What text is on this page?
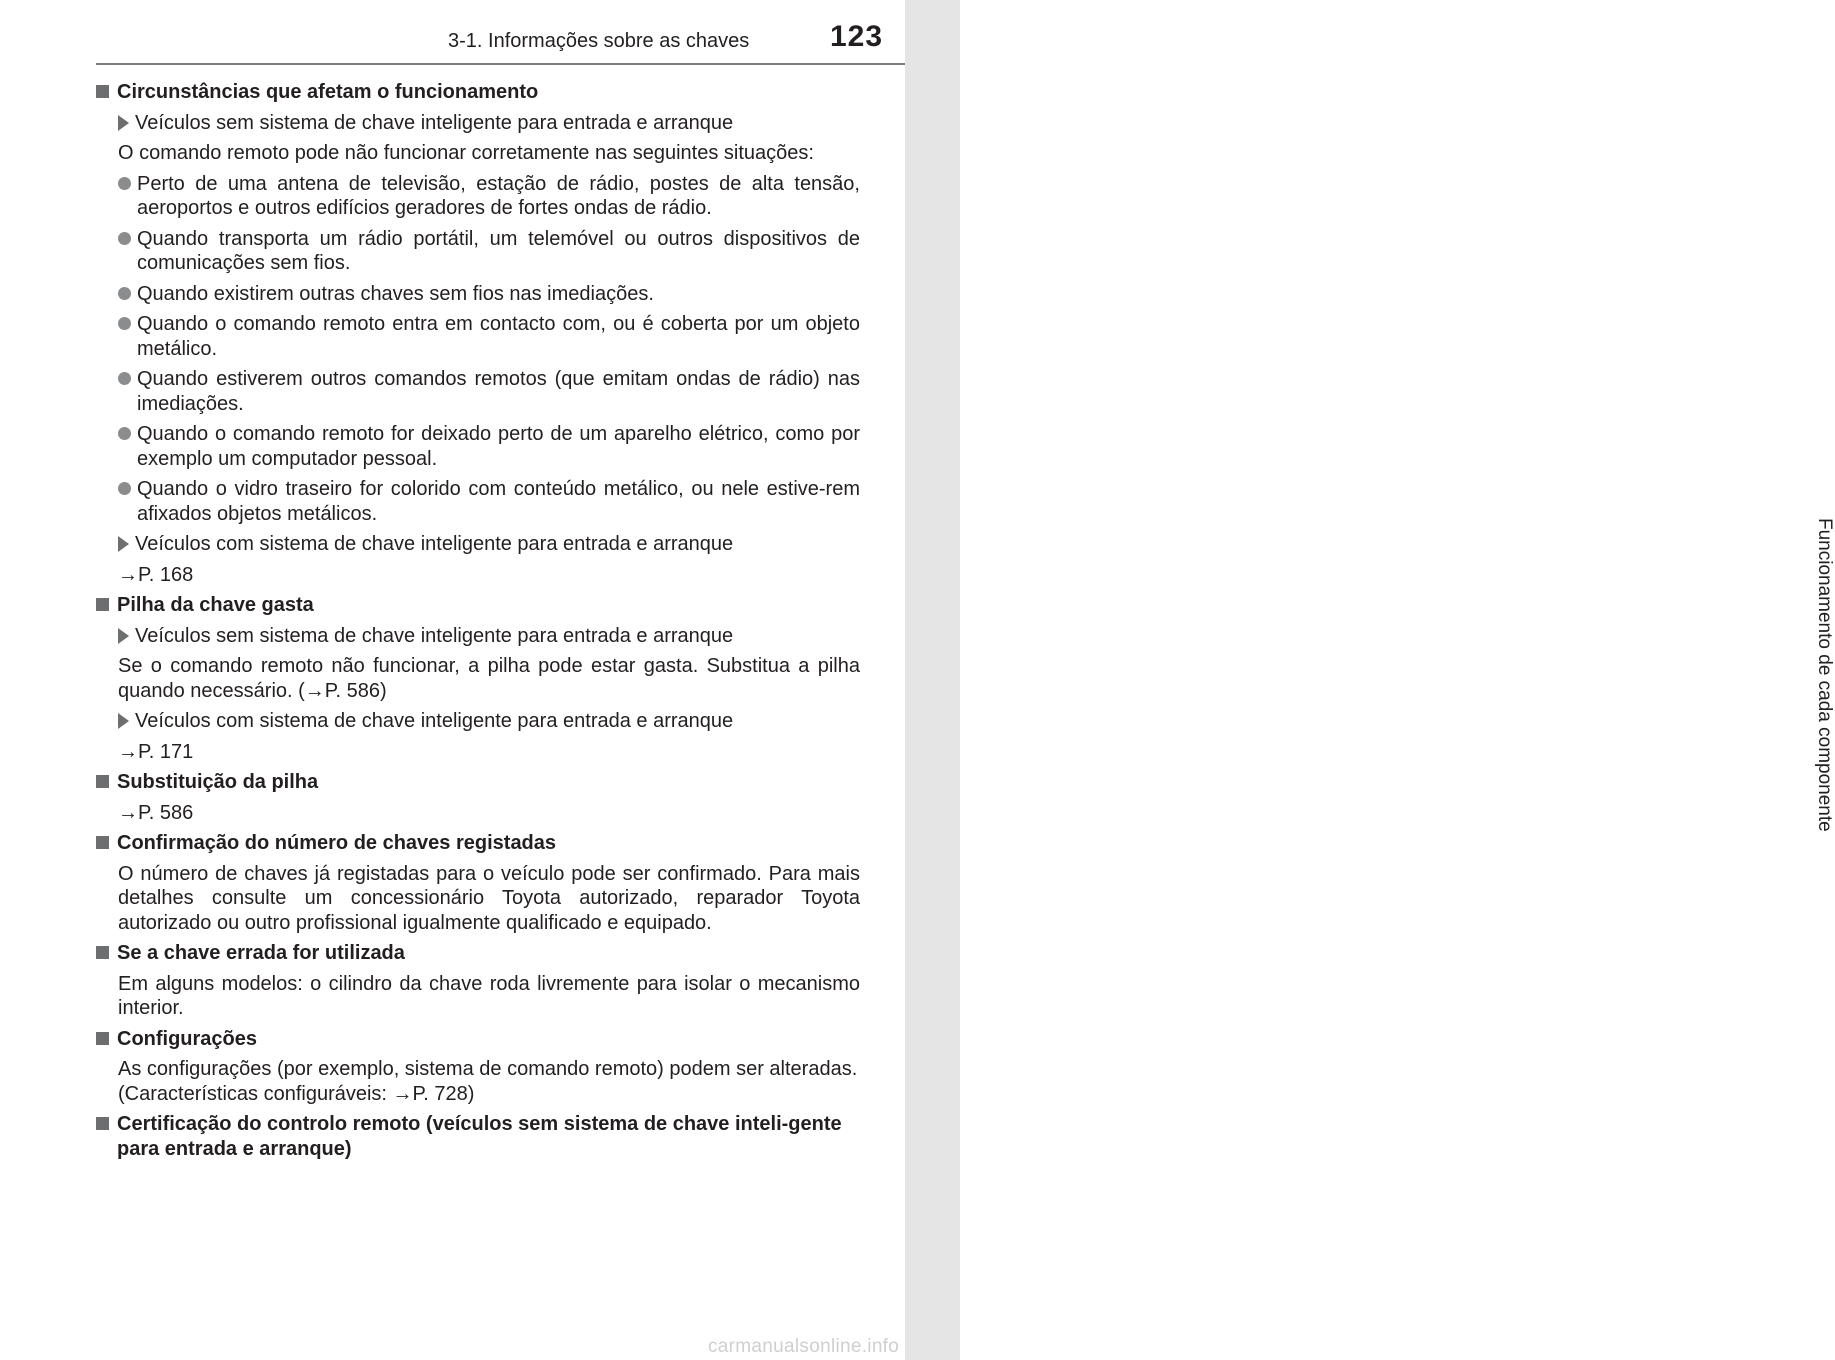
3-1. Informações sobre as chaves	123
Funcionamento de cada componente
Circunstâncias que afetam o funcionamento
Veículos sem sistema de chave inteligente para entrada e arranque
O comando remoto pode não funcionar corretamente nas seguintes situações:
Perto de uma antena de televisão, estação de rádio, postes de alta tensão, aeroportos e outros edifícios geradores de fortes ondas de rádio.
Quando transporta um rádio portátil, um telemóvel ou outros dispositivos de comunicações sem fios.
Quando existirem outras chaves sem fios nas imediações.
Quando o comando remoto entra em contacto com, ou é coberta por um objeto metálico.
Quando estiverem outros comandos remotos (que emitam ondas de rádio) nas imediações.
Quando o comando remoto for deixado perto de um aparelho elétrico, como por exemplo um computador pessoal.
Quando o vidro traseiro for colorido com conteúdo metálico, ou nele estive-rem afixados objetos metálicos.
Veículos com sistema de chave inteligente para entrada e arranque
→P. 168
Pilha da chave gasta
Veículos sem sistema de chave inteligente para entrada e arranque
Se o comando remoto não funcionar, a pilha pode estar gasta. Substitua a pilha quando necessário. (→P. 586)
Veículos com sistema de chave inteligente para entrada e arranque
→P. 171
Substituição da pilha
→P. 586
Confirmação do número de chaves registadas
O número de chaves já registadas para o veículo pode ser confirmado. Para mais detalhes consulte um concessionário Toyota autorizado, reparador Toyota autorizado ou outro profissional igualmente qualificado e equipado.
Se a chave errada for utilizada
Em alguns modelos: o cilindro da chave roda livremente para isolar o mecanismo interior.
Configurações
As configurações (por exemplo, sistema de comando remoto) podem ser alteradas.
(Características configuráveis: →P. 728)
Certificação do controlo remoto (veículos sem sistema de chave inteli-gente para entrada e arranque)
carmanualsonline.info
